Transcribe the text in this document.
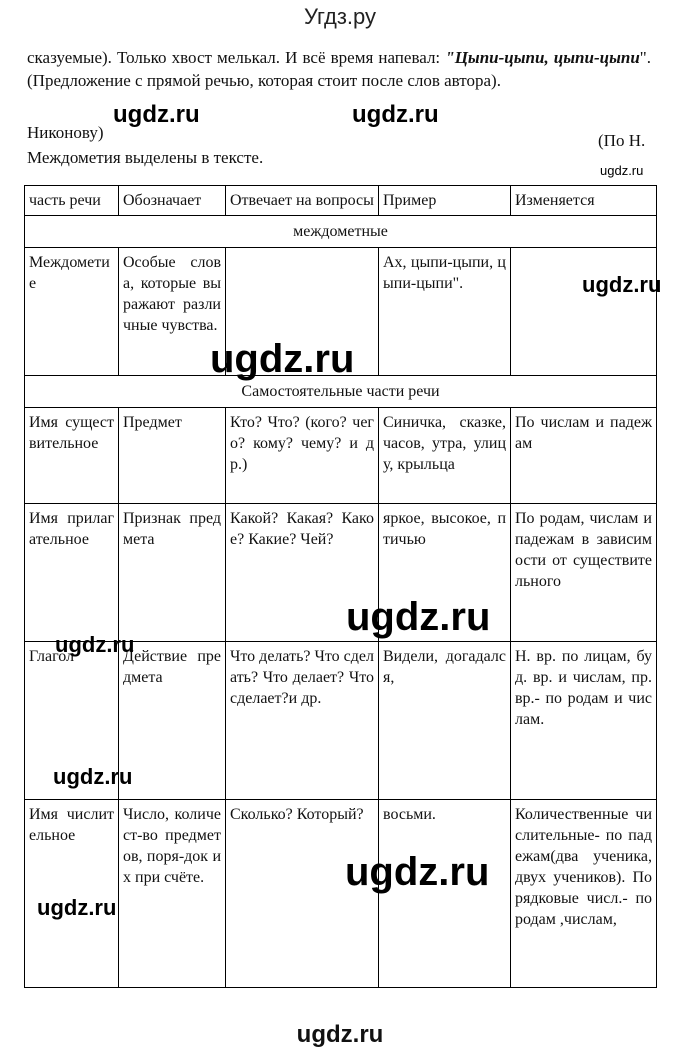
Угдз.ру
сказуемые). Только хвост мелькал. И всё время напевал: "Цыпи-цыпи, цыпи-цыпи".(Предложение с прямой речью, которая стоит после слов автора).
Никонову)	(По Н.
Междометия выделены в тексте.
часть речи	Обозначает	Отвечает на вопросы	Пример	Изменяется
междометные				
Междометие	Особые слова, которые выражают различные чувства.		Ах, цыпи-цыпи, цыпи-цыпи".	
Самостоятельные части речи				
Имя существительное	Предмет	Кто? Что? (кого? чего? кому? чему? и др.)	Синичка, сказке, часов, утра, улицу, крыльца	По числам и падежам
Имя прилагательное	Признак предмета	Какой? Какая? Какое? Какие? Чей?	яркое, высокое, птичью	По родам, числам и падежам в зависимости от существительного
Глагол	Действие предмета	Что делать? Что сделать? Что делает? Что сделает?и др.	Видели, догадался,	Н. вр. по лицам, буд. вр. и числам, пр. вр.- по родам и числам.
Имя числительное	Число, количест-во предметов, поря-док их при счёте.	Сколько? Который?	восьми.	Количественные числительные- по падежам(два ученика, двух учеников). Порядковые числ.- по родам ,числам,
ugdz.ru	ugdz.ru
ugdz.ru
ugdz.ru
ugdz.ru
ugdz.ru
ugdz.ru
ugdz.ru
ugdz.ru
ugdz.ru
ugdz.ru
